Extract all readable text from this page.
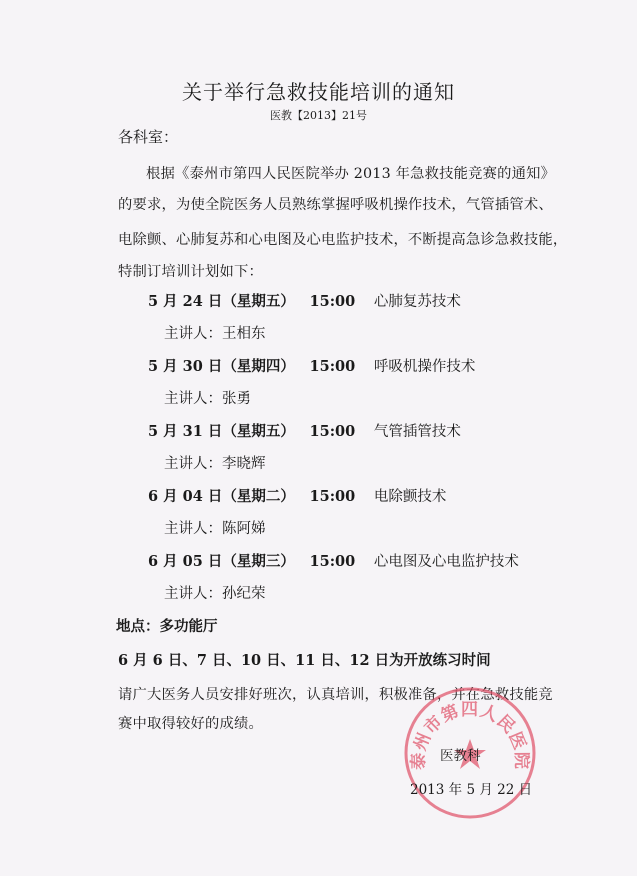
关于举行急救技能培训的通知
医教【2013】21号
各科室：
根据《泰州市第四人民医院举办 2013 年急救技能竞赛的通知》
的要求，为使全院医务人员熟练掌握呼吸机操作技术，气管插管术、
电除颤、心肺复苏和心电图及心电监护技术，不断提高急诊急救技能，
特制订培训计划如下：
5 月 24 日（星期五） 15:00 心肺复苏技术
主讲人：王相东
5 月 30 日（星期四） 15:00 呼吸机操作技术
主讲人：张勇
5 月 31 日（星期五） 15:00 气管插管技术
主讲人：李晓辉
6 月 04 日（星期二） 15:00 电除颤技术
主讲人：陈阿娣
6 月 05 日（星期三） 15:00 心电图及心电监护技术
主讲人：孙纪荣
地点：多功能厅
6 月 6 日、7 日、10 日、11 日、12 日为开放练习时间
请广大医务人员安排好班次，认真培训，积极准备，并在急救技能竞
赛中取得较好的成绩。
泰州市第四人民医院
医教科
2013 年 5 月 22 日
